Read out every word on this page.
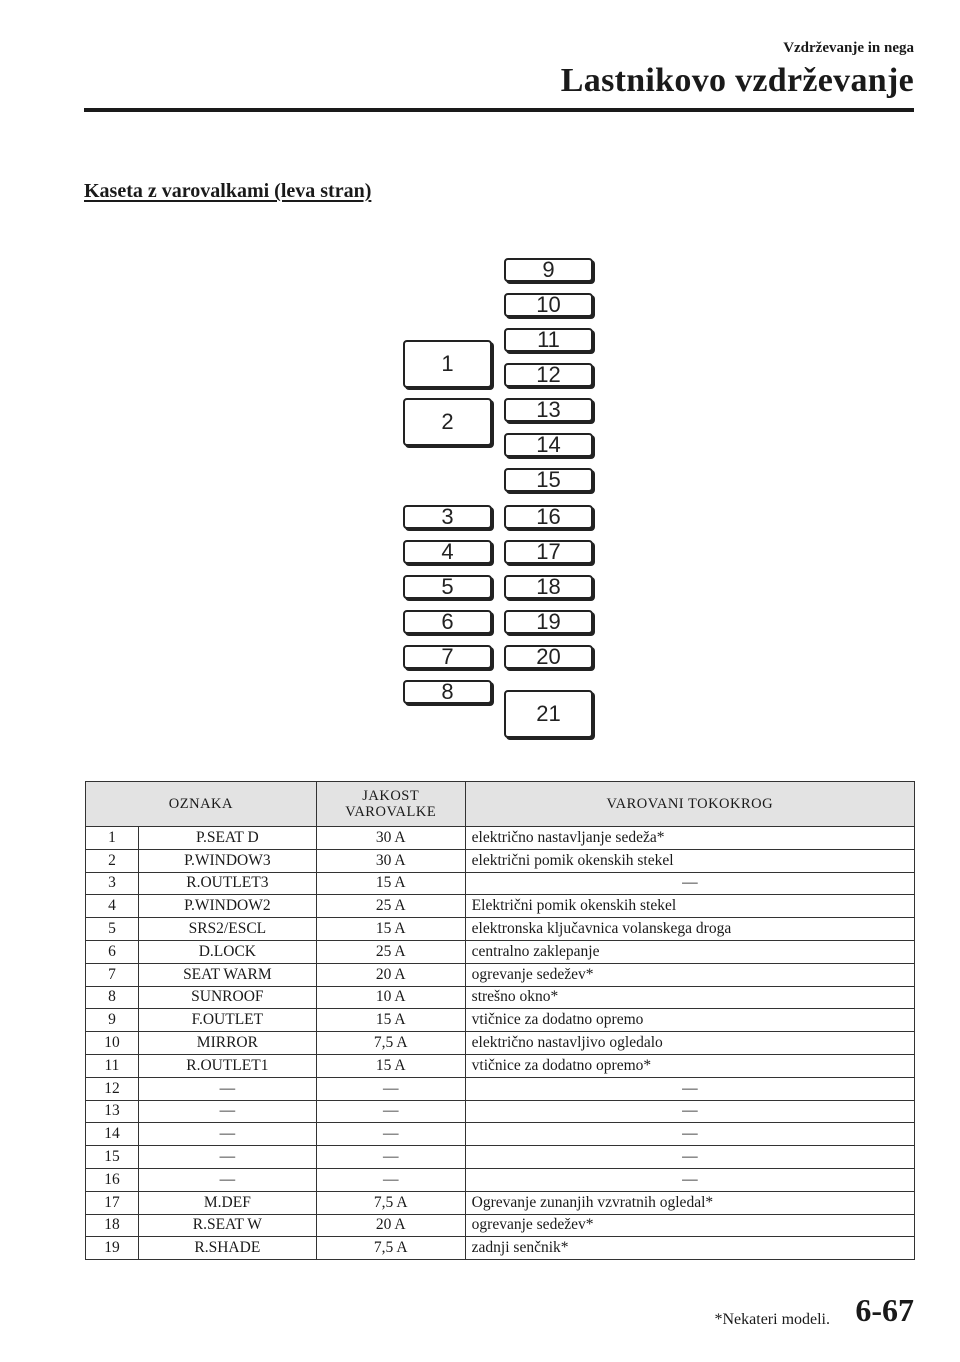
Vzdrževanje in nega
Lastnikovo vzdrževanje
Kaseta z varovalkami (leva stran)
1
2
3
4
5
6
7
8
9
10
11
12
13
14
15
16
17
18
19
20
21
OZNAKA		JAKOST
VAROVALKE	VAROVANI TOKOKROG
1	P.SEAT D	30 A	električno nastavljanje sedeža*
2	P.WINDOW3	30 A	električni pomik okenskih stekel
3	R.OUTLET3	15 A	—
4	P.WINDOW2	25 A	Električni pomik okenskih stekel
5	SRS2/ESCL	15 A	elektronska ključavnica volanskega droga
6	D.LOCK	25 A	centralno zaklepanje
7	SEAT WARM	20 A	ogrevanje sedežev*
8	SUNROOF	10 A	strešno okno*
9	F.OUTLET	15 A	vtičnice za dodatno opremo
10	MIRROR	7,5 A	električno nastavljivo ogledalo
11	R.OUTLET1	15 A	vtičnice za dodatno opremo*
12	—	—	—
13	—	—	—
14	—	—	—
15	—	—	—
16	—	—	—
17	M.DEF	7,5 A	Ogrevanje zunanjih vzvratnih ogledal*
18	R.SEAT W	20 A	ogrevanje sedežev*
19	R.SHADE	7,5 A	zadnji senčnik*
*Nekateri modeli. 6-67
